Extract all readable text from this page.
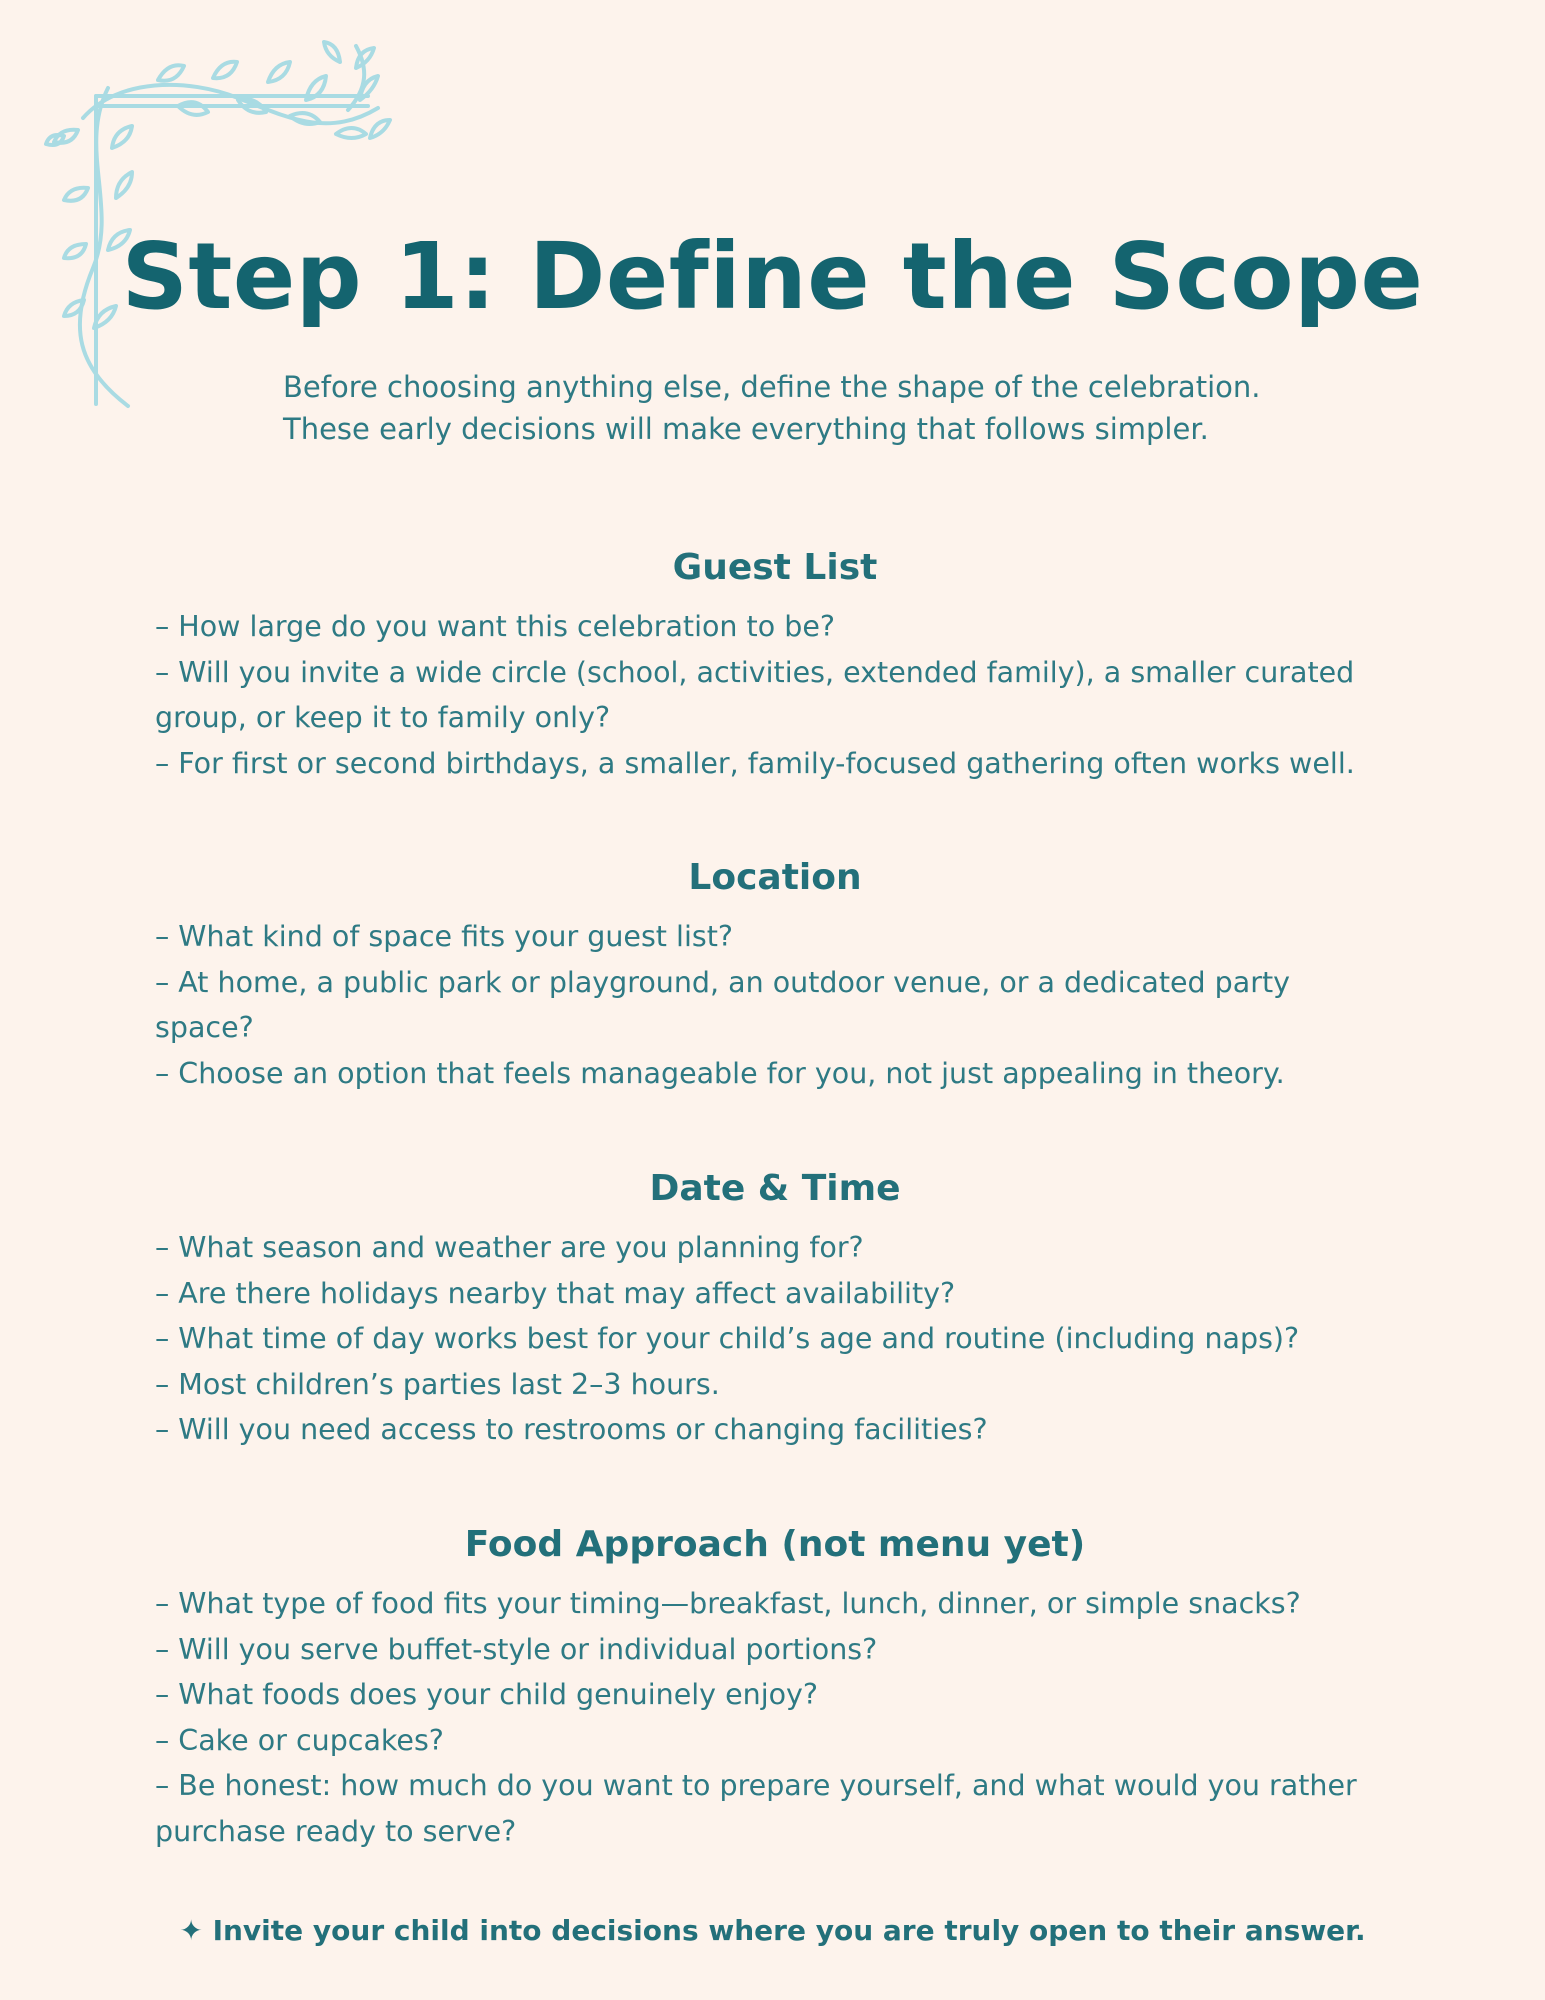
Step 1: Define the Scope
Before choosing anything else, define the shape of the celebration.
These early decisions will make everything that follows simpler.
Guest List
– How large do you want this celebration to be?
– Will you invite a wide circle (school, activities, extended family), a smaller curated group, or keep it to family only?
– For first or second birthdays, a smaller, family-focused gathering often works well.
Location
– What kind of space fits your guest list?
– At home, a public park or playground, an outdoor venue, or a dedicated party space?
– Choose an option that feels manageable for you, not just appealing in theory.
Date & Time
– What season and weather are you planning for?
– Are there holidays nearby that may affect availability?
– What time of day works best for your child’s age and routine (including naps)?
– Most children’s parties last 2–3 hours.
– Will you need access to restrooms or changing facilities?
Food Approach (not menu yet)
– What type of food fits your timing—breakfast, lunch, dinner, or simple snacks?
– Will you serve buffet-style or individual portions?
– What foods does your child genuinely enjoy?
– Cake or cupcakes?
– Be honest: how much do you want to prepare yourself, and what would you rather purchase ready to serve?
✦ Invite your child into decisions where you are truly open to their answer.
